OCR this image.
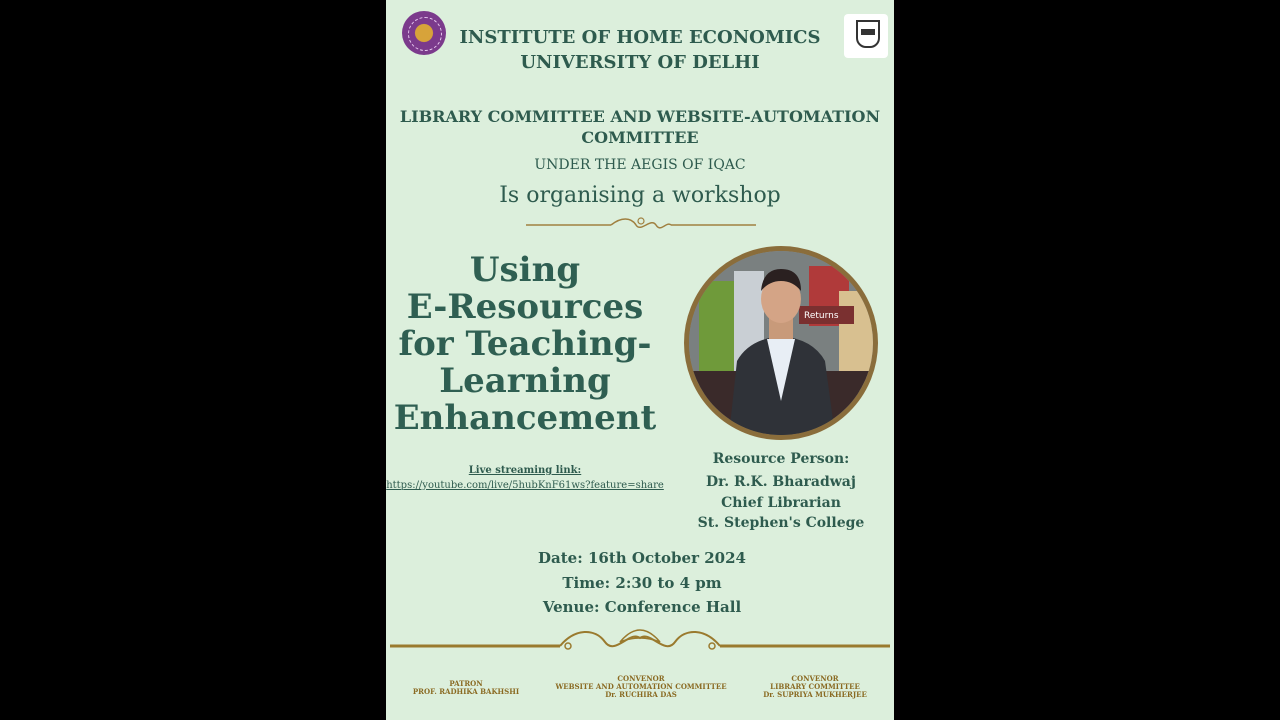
INSTITUTE OF HOME ECONOMICS
UNIVERSITY OF DELHI
LIBRARY COMMITTEE AND WEBSITE-AUTOMATION
COMMITTEE
UNDER THE AEGIS OF IQAC
Is organising a workshop
Using
E-Resources
for Teaching-
Learning
Enhancement
Returns
Live streaming link:
https://youtube.com/live/5hubKnF61ws?feature=share
Resource Person:
Dr. R.K. Bharadwaj
Chief Librarian
St. Stephen's College
Date: 16th October 2024
Time: 2:30 to 4 pm
Venue: Conference Hall
PATRON
PROF. RADHIKA BAKHSHI
CONVENOR
WEBSITE AND AUTOMATION COMMITTEE
Dr. RUCHIRA DAS
CONVENOR
LIBRARY COMMITTEE
Dr. SUPRIYA MUKHERJEE
